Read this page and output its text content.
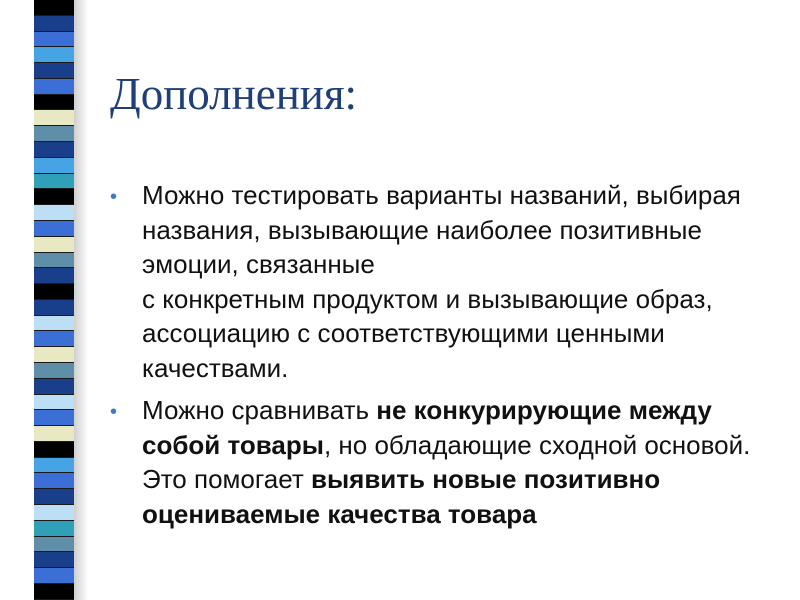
Дополнения:
• Можно тестировать варианты названий, выбирая названия, вызывающие наиболее позитивные эмоции, связанные
с конкретным продуктом и вызывающие образ, ассоциацию с соответствующими ценными качествами.
• Можно сравнивать не конкурирующие между собой товары, но обладающие сходной основой. Это помогает выявить новые позитивно оцениваемые качества товара
